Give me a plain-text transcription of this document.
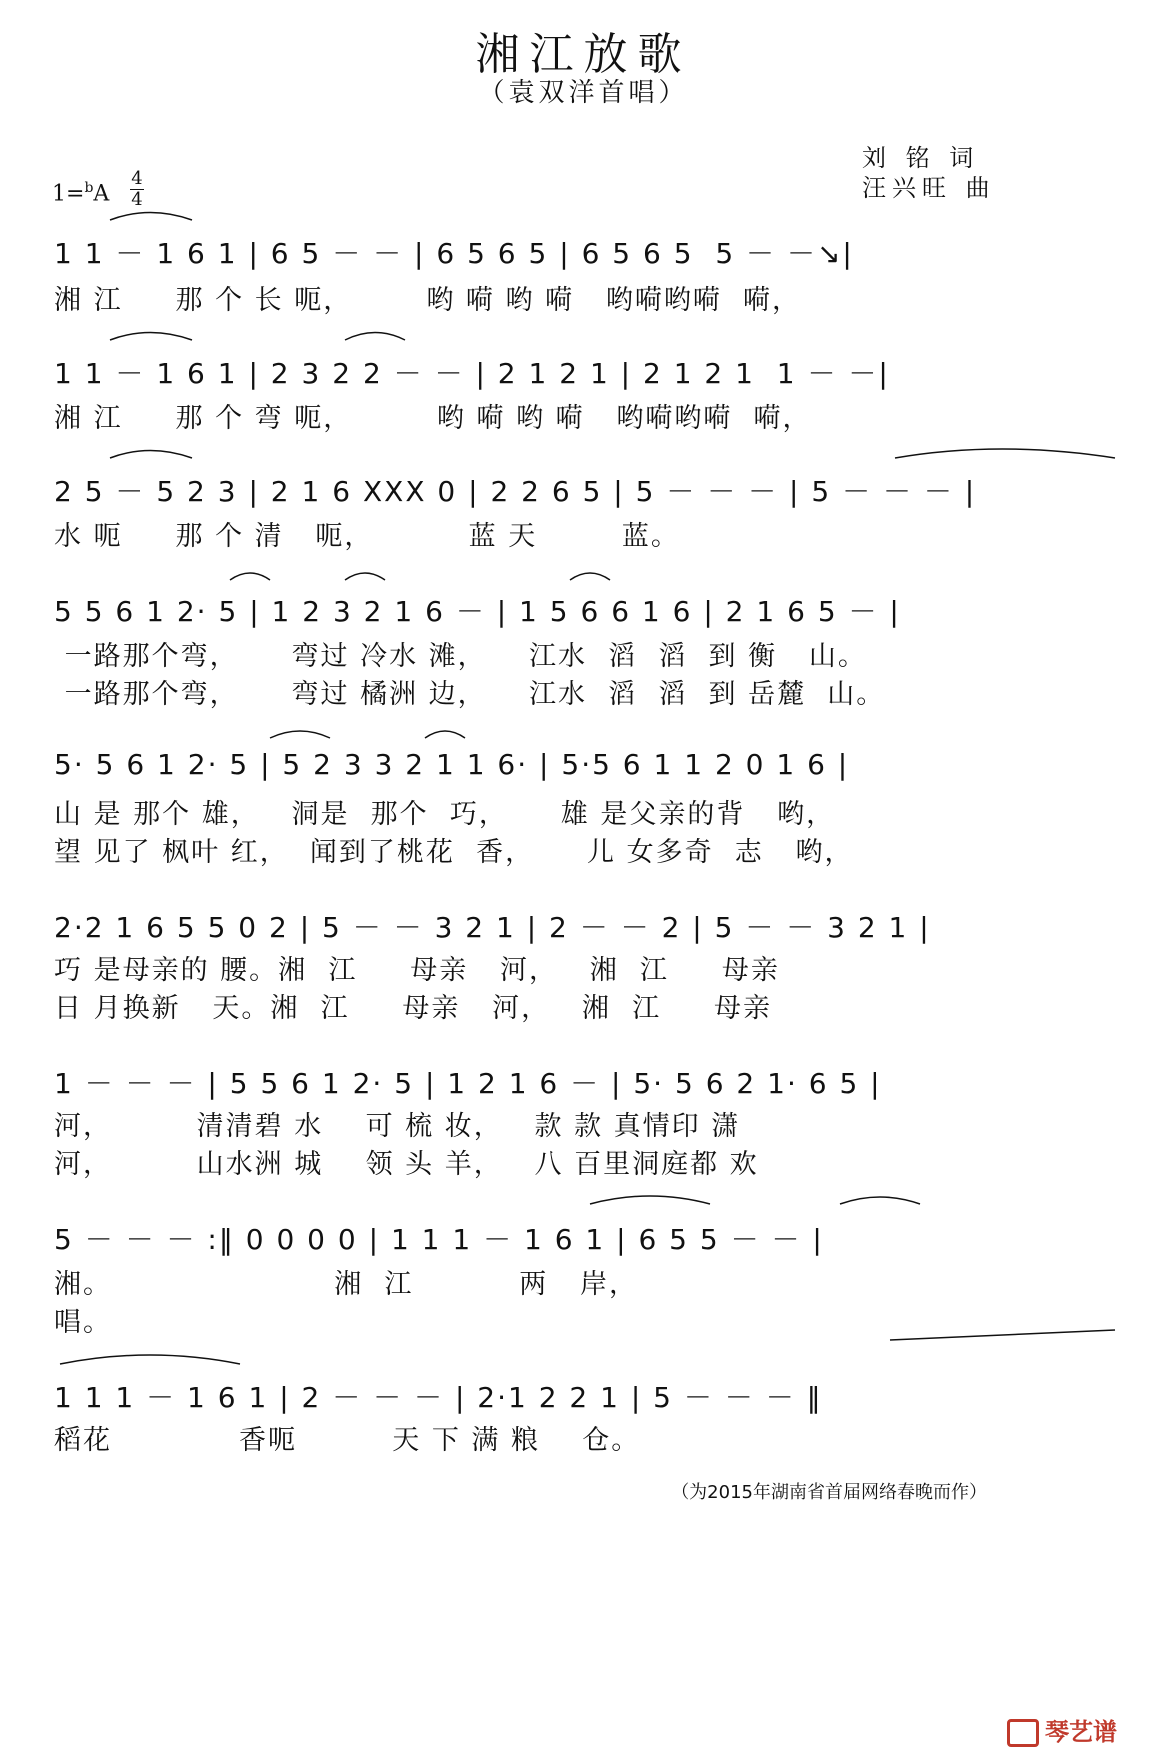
湘江放歌
（袁双洋首唱）
刘 铭 词
汪兴旺 曲
1=$^b$A
4
4
1 1 － 1 6 1 | 6 5 － － | 6 5 6 5 | 6 5 6 5  5 － －↘|
湘 江     那 个 长 呃，       哟 嗬 哟 嗬   哟嗬哟嗬  嗬，
1 1 － 1 6 1 | 2 3 2 2 － － | 2 1 2 1 | 2 1 2 1  1 － －|
湘 江     那 个 弯 呃，        哟 嗬 哟 嗬   哟嗬哟嗬  嗬，
2 5 － 5 2 3 | 2 1 6 XXX 0 | 2 2 6 5 | 5 － － － | 5 － － － |
水 呃     那 个 清   呃，         蓝 天        蓝。
5 5 6 1 2· 5 | 1 2 3 2 1 6 － | 1 5 6 6 1 6 | 2 1 6 5 － |
一路那个弯，     弯过 冷水 滩，    江水  滔  滔  到 衡   山。
一路那个弯，     弯过 橘洲 边，    江水  滔  滔  到 岳麓  山。
5· 5 6 1 2· 5 | 5 2 3 3 2 1 1 6· | 5·5 6 1 1 2 0 1 6 |
山 是 那个 雄，   洞是  那个  巧，     雄 是父亲的背   哟，
望 见了 枫叶 红，  闻到了桃花  香，     儿 女多奇  志   哟，
2·2 1 6 5 5 0 2 | 5 － － 3 2 1 | 2 － － 2 | 5 － － 3 2 1 |
巧 是母亲的 腰。湘  江     母亲   河，   湘  江     母亲
日 月换新   天。湘  江     母亲   河，   湘  江     母亲
1 － － － | 5 5 6 1 2· 5 | 1 2 1 6 － | 5· 5 6 2 1· 6 5 |
河，        清清碧 水    可 梳 妆，   款 款 真情印 潇
河，        山水洲 城    领 头 羊，   八 百里洞庭都 欢
5 － － － :‖ 0 0 0 0 | 1 1 1 － 1 6 1 | 6 5 5 － － |
湘。                     湘  江          两   岸，
唱。
1 1 1 － 1 6 1 | 2 － － － | 2·1 2 2 1 | 5 － － － ‖
稻花            香呃         天 下 满 粮    仓。
（为2015年湖南省首届网络春晚而作）
琴艺谱
